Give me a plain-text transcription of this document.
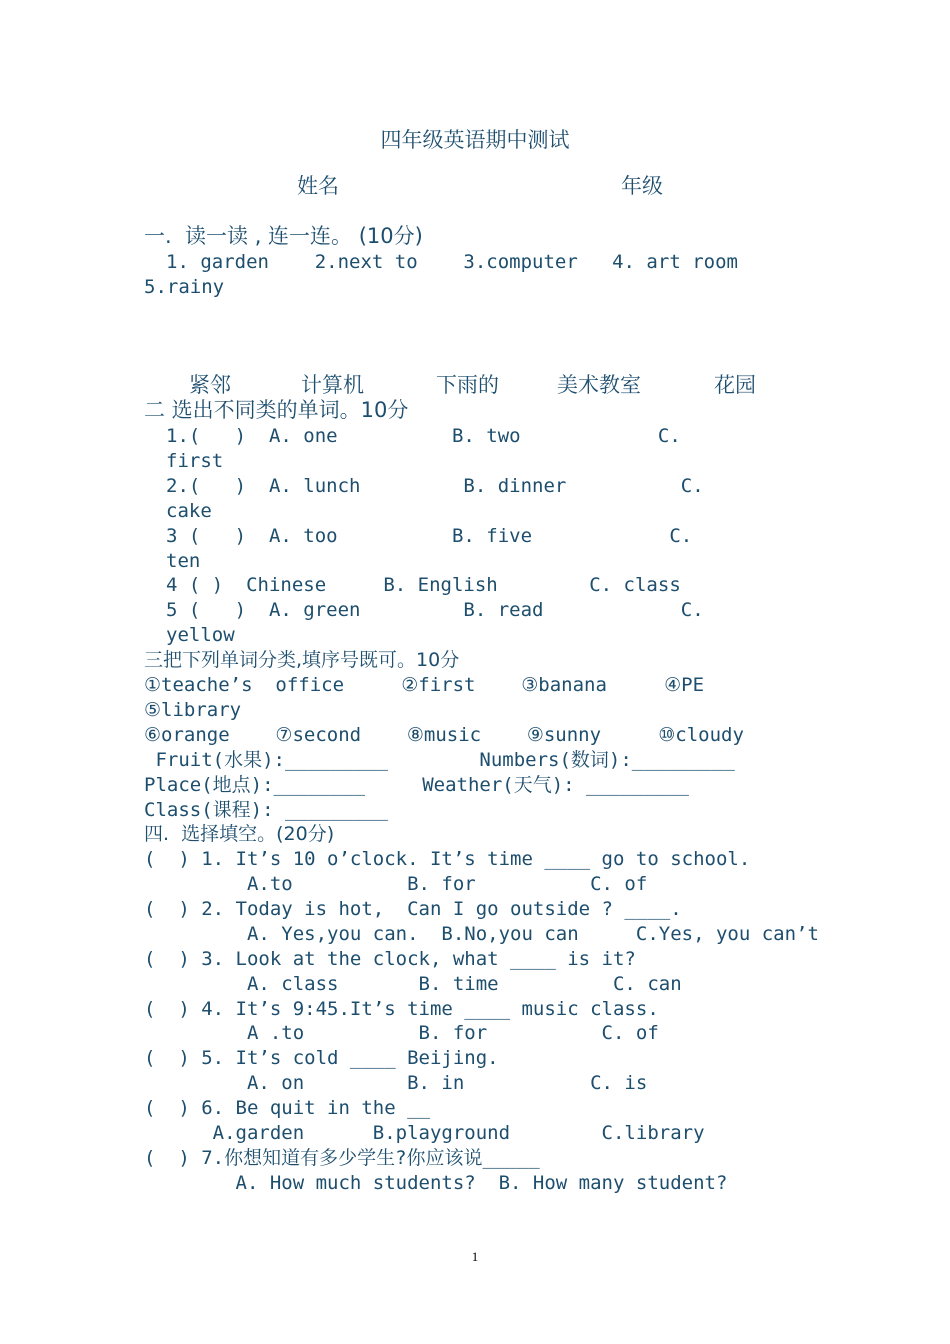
四年级英语期中测试
姓名	年级
一.  读一读 , 连一连。 (10分)
1. garden    2.next to    3.computer   4. art room
5.rainy
紧邻	计算机	下雨的	美术教室	花园
二 选出不同类的单词。10分
1.(   )  A. one          B. two            C.
first
2.(   )  A. lunch         B. dinner          C.
cake
3 (   )  A. too          B. five            C.
ten
4 ( )  Chinese     B. English        C. class
5 (   )  A. green         B. read            C.
yellow
三把下列单词分类,填序号既可。10分
①teache’s  office     ②first    ③banana     ④PE
⑤library
⑥orange    ⑦second    ⑧music    ⑨sunny     ⑩cloudy
Fruit(水果):_________        Numbers(数词):_________
Place(地点):________     Weather(天气): _________
Class(课程): _________
四.  选择填空。(20分)
(  ) 1. It’s 10 o’clock. It’s time ____ go to school.
A.to          B. for          C. of
(  ) 2. Today is hot,  Can I go outside ? ____.
A. Yes,you can.  B.No,you can     C.Yes, you can’t
(  ) 3. Look at the clock, what ____ is it?
A. class       B. time          C. can
(  ) 4. It’s 9:45.It’s time ____ music class.
A .to          B. for          C. of
(  ) 5. It’s cold ____ Beijing.
A. on         B. in           C. is
(  ) 6. Be quit in the __
A.garden      B.playground        C.library
(  ) 7.你想知道有多少学生?你应该说_____
A. How much students?  B. How many student?
1
